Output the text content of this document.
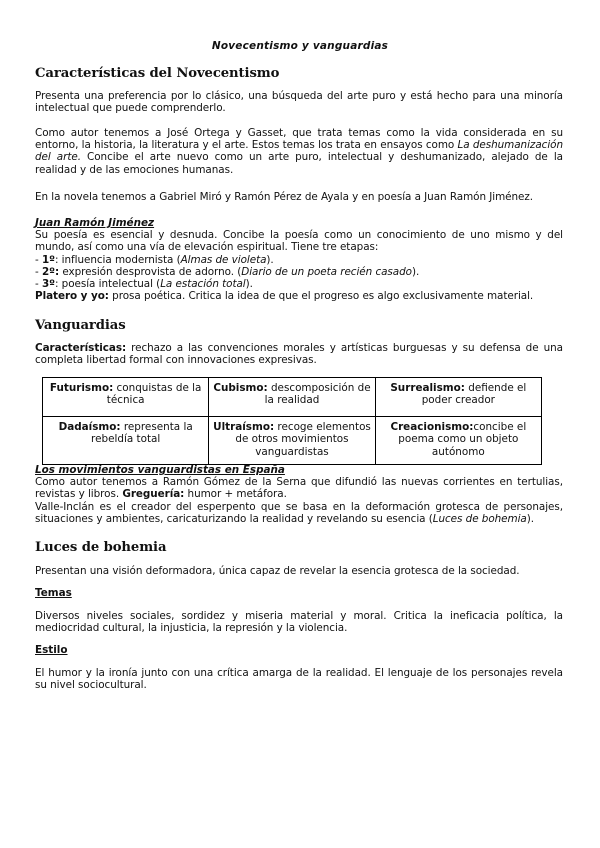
Novecentismo y vanguardias
Características del Novecentismo

Presenta una preferencia por lo clásico, una búsqueda del arte puro y está hecho para una minoría intelectual que puede comprenderlo.

Como autor tenemos a José Ortega y Gasset, que trata temas como la vida considerada en su entorno, la historia, la literatura y el arte. Estos temas los trata en ensayos como La deshumanización del arte. Concibe el arte nuevo como un arte puro, intelectual y deshumanizado, alejado de la realidad y de las emociones humanas.

En la novela tenemos a Gabriel Miró y Ramón Pérez de Ayala y en poesía a Juan Ramón Jiménez.

Juan Ramón Jiménez

Su poesía es esencial y desnuda. Concibe la poesía como un conocimiento de uno mismo y del mundo, así como una vía de elevación espiritual. Tiene tre etapas:

- 1º: influencia modernista (Almas de violeta).

- 2º: expresión desprovista de adorno. (Diario de un poeta recién casado).

- 3º: poesía intelectual (La estación total).

Platero y yo: prosa poética. Critica la idea de que el progreso es algo exclusivamente material.

Vanguardias

Características: rechazo a las convenciones morales y artísticas burguesas y su defensa de una completa libertad formal con innovaciones expresivas.

Futurismo: conquistas de la técnica	Cubismo: descomposición de la realidad	Surrealismo: defiende el poder creador
Dadaísmo: representa la rebeldía total	Ultraísmo: recoge elementos de otros movimientos vanguardistas	Creacionismo:concibe el poema como un objeto autónomo

Los movimientos vanguardistas en España

Como autor tenemos a Ramón Gómez de la Serna que difundió las nuevas corrientes en tertulias, revistas y libros. Greguería: humor + metáfora.

Valle-Inclán es el creador del esperpento que se basa en la deformación grotesca de personajes, situaciones y ambientes, caricaturizando la realidad y revelando su esencia (Luces de bohemia).

Luces de bohemia

Presentan una visión deformadora, única capaz de revelar la esencia grotesca de la sociedad.

Temas

Diversos niveles sociales, sordidez y miseria material y moral. Critica la ineficacia política, la mediocridad cultural, la injusticia, la represión y la violencia.

Estilo

El humor y la ironía junto con una crítica amarga de la realidad. El lenguaje de los personajes revela su nivel sociocultural.
